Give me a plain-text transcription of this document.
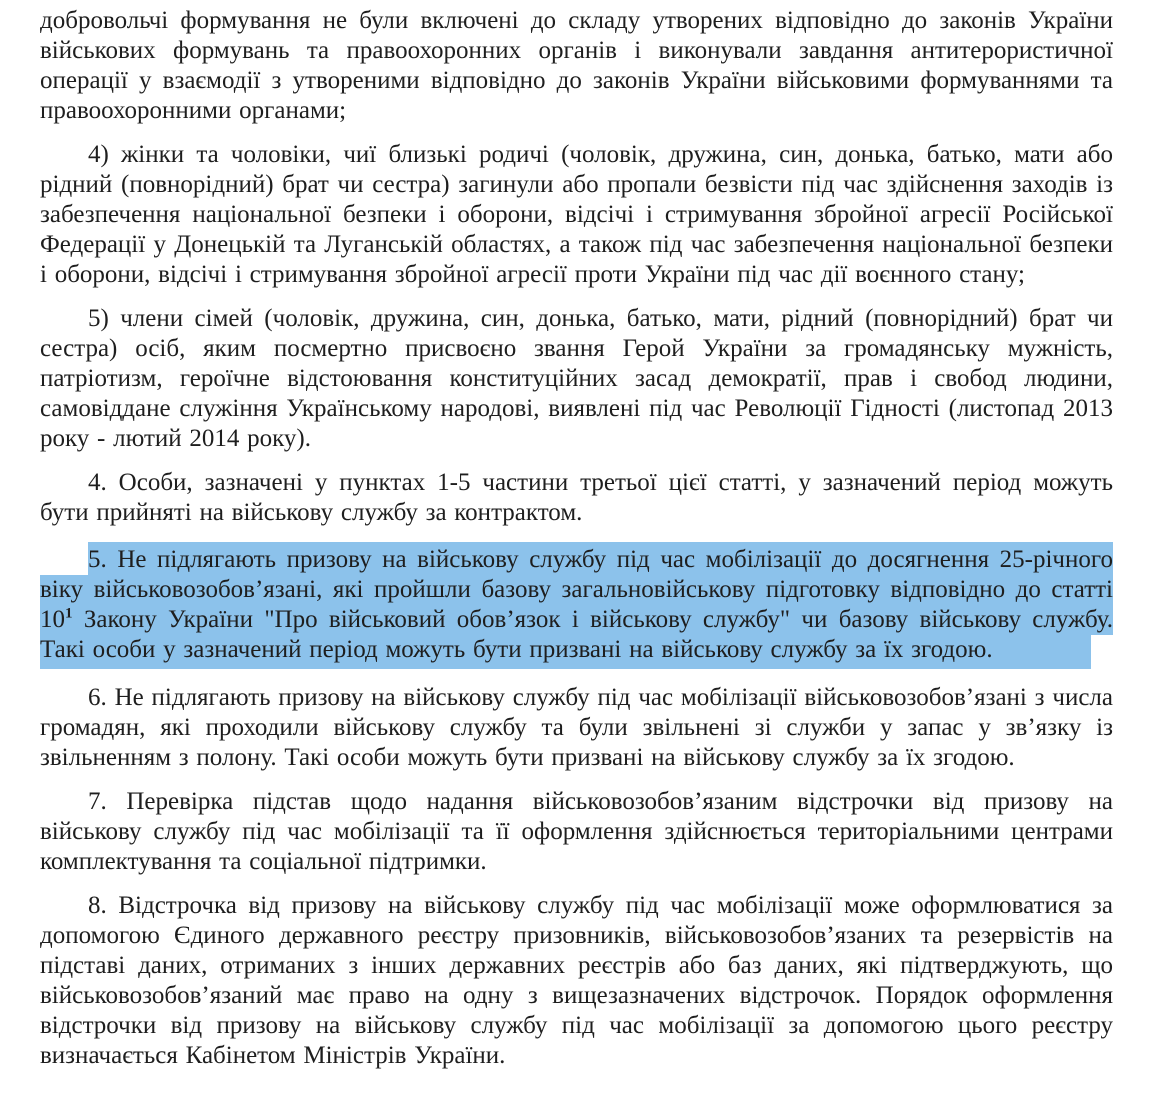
добровольчі формування не були включені до складу утворених відповідно до законів України військових формувань та правоохоронних органів і виконували завдання антитерористичної операції у взаємодії з утвореними відповідно до законів України військовими формуваннями та правоохоронними органами;

4) жінки та чоловіки, чиї близькі родичі (чоловік, дружина, син, донька, батько, мати або рідний (повнорідний) брат чи сестра) загинули або пропали безвісти під час здійснення заходів із забезпечення національної безпеки і оборони, відсічі і стримування збройної агресії Російської Федерації у Донецькій та Луганській областях, а також під час забезпечення національної безпеки і оборони, відсічі і стримування збройної агресії проти України під час дії воєнного стану;

5) члени сімей (чоловік, дружина, син, донька, батько, мати, рідний (повнорідний) брат чи сестра) осіб, яким посмертно присвоєно звання Герой України за громадянську мужність, патріотизм, героїчне відстоювання конституційних засад демократії, прав і свобод людини, самовіддане служіння Українському народові, виявлені під час Революції Гідності (листопад 2013 року - лютий 2014 року).

4. Особи, зазначені у пунктах 1-5 частини третьої цієї статті, у зазначений період можуть бути прийняті на військову службу за контрактом.

5. Не підлягають призову на військову службу під час мобілізації до досягнення 25-річного віку військовозобов’язані, які пройшли базову загальновійськову підготовку відповідно до статті $10^1$ Закону України "Про військовий обов’язок і військову службу" чи базову військову службу. Такі особи у зазначений період можуть бути призвані на військову службу за їх згодою.

6. Не підлягають призову на військову службу під час мобілізації військовозобов’язані з числа громадян, які проходили військову службу та були звільнені зі служби у запас у зв’язку із звільненням з полону. Такі особи можуть бути призвані на військову службу за їх згодою.

7. Перевірка підстав щодо надання військовозобов’язаним відстрочки від призову на військову службу під час мобілізації та її оформлення здійснюється територіальними центрами комплектування та соціальної підтримки.

8. Відстрочка від призову на військову службу під час мобілізації може оформлюватися за допомогою Єдиного державного реєстру призовників, військовозобов’язаних та резервістів на підставі даних, отриманих з інших державних реєстрів або баз даних, які підтверджують, що військовозобов’язаний має право на одну з вищезазначених відстрочок. Порядок оформлення відстрочки від призову на військову службу під час мобілізації за допомогою цього реєстру визначається Кабінетом Міністрів України.
